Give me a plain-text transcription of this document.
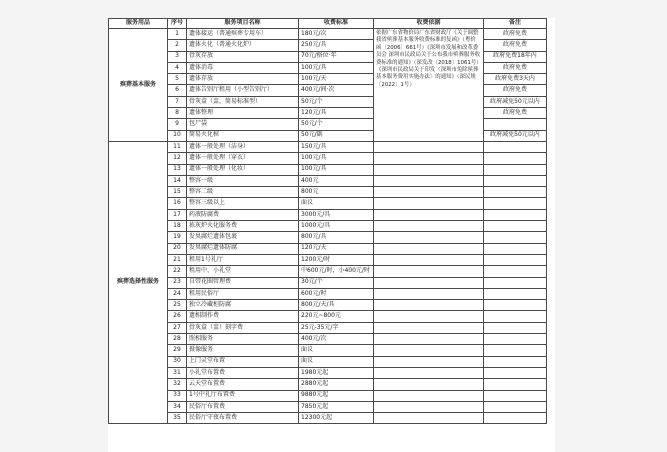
服务用品	序号	服务项目名称	收费标准	收费依据	备注
殡葬基本服务	1	遗体接运（普通殡葬专用车）	180元/次	依据广东省物价局广东省财政厅《关于调整我省殡葬基本服务收费标准的复函》（粤价函〔2006〕661号）《深圳市发展和改革委员会 深圳市民政局关于公布我市殡葬服务收费标准的通知》（深发改〔2018〕1061号）《深圳市民政局关于印发〈深圳市免除殡葬基本服务费用实施办法〉的通知》（深民规〔2022〕1号）	政府免费
	2	遗体火化（普通火化炉）	250元/具		政府免费
	3	骨灰存放	70元/格位·年		政府免费18年内
	4	遗体消毒	100元/具		政府免费
	5	遗体存放	100元/天		政府免费3天内
	6	遗体告别厅租用（小型告别厅）	400元/间·次		政府免费
	7	骨灰盒（盅，简易标准型）	50元/个		政府减免50元以内
	8	遗体整理	120元/具		政府免费
	9	包尸袋	50元/个		
	10	简易火化棺	50元/副		政府减免50元以内
殡葬选择性服务	11	遗体一般处理（洁身）	150元/具		
	12	遗体一般处理（穿衣）	100元/具		
	13	遗体一般处理（化妆）	100元/具		
	14	整容一级	400元		
	15	整容二级	800元		
	16	整容三级以上	面议		
	17	药液防腐费	3000元/具		
	18	拣灰炉火化服务费	1000元/具		
	19	发臭腐烂遗体包裹	800元/具		
	20	发臭腐烂遗体防腐	120元/天		
	21	租用1号礼厅	1200元/时		
	22	租用中、小礼堂	中600元/时，小400元/时		
	23	自带花圈管理费	30元/个		
	24	租用民俗厅	600元/时		
	25	独立冷藏柜防腐	800元/天/具		
	26	遗相制作费	220元~800元		
	27	骨灰盒（盅）刻字费	25元-35元/字		
	28	照相服务	400元/次		
	29	摄像服务	面议		
	30	上门灵堂布置	面议		
	31	小礼堂布置费	1980元起		
	32	云天堂布置费	2880元起		
	33	1号中礼厅布置费	9880元起		
	34	民俗厅布置费	7850元起		
	35	民俗厅守夜布置费	12300元起		
